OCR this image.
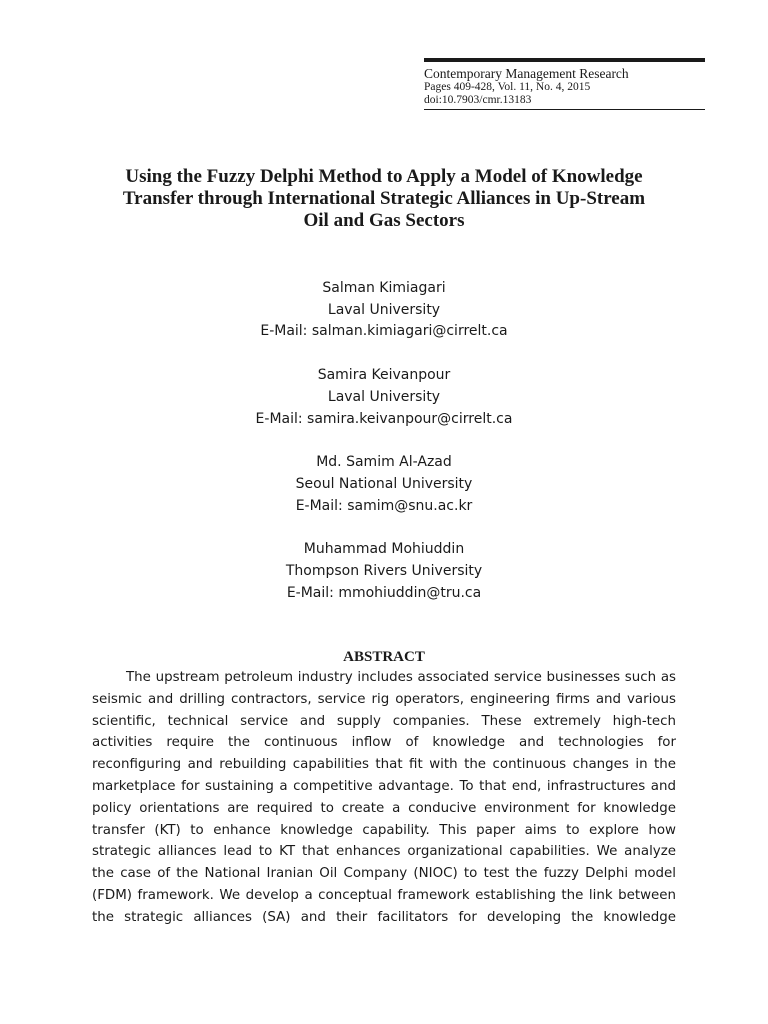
Contemporary Management Research
Pages 409-428, Vol. 11, No. 4, 2015
doi:10.7903/cmr.13183
Using the Fuzzy Delphi Method to Apply a Model of Knowledge
Transfer through International Strategic Alliances in Up-Stream
Oil and Gas Sectors
Salman Kimiagari
Laval University
E-Mail: salman.kimiagari@cirrelt.ca
Samira Keivanpour
Laval University
E-Mail: samira.keivanpour@cirrelt.ca
Md. Samim Al-Azad
Seoul National University
E-Mail: samim@snu.ac.kr
Muhammad Mohiuddin
Thompson Rivers University
E-Mail: mmohiuddin@tru.ca
ABSTRACT
The upstream petroleum industry includes associated service businesses such as
seismic and drilling contractors, service rig operators, engineering firms and various
scientific, technical service and supply companies. These extremely high-tech
activities require the continuous inflow of knowledge and technologies for
reconfiguring and rebuilding capabilities that fit with the continuous changes in the
marketplace for sustaining a competitive advantage. To that end, infrastructures and
policy orientations are required to create a conducive environment for knowledge
transfer (KT) to enhance knowledge capability. This paper aims to explore how
strategic alliances lead to KT that enhances organizational capabilities. We analyze
the case of the National Iranian Oil Company (NIOC) to test the fuzzy Delphi model
(FDM) framework. We develop a conceptual framework establishing the link between
the strategic alliances (SA) and their facilitators for developing the knowledge
